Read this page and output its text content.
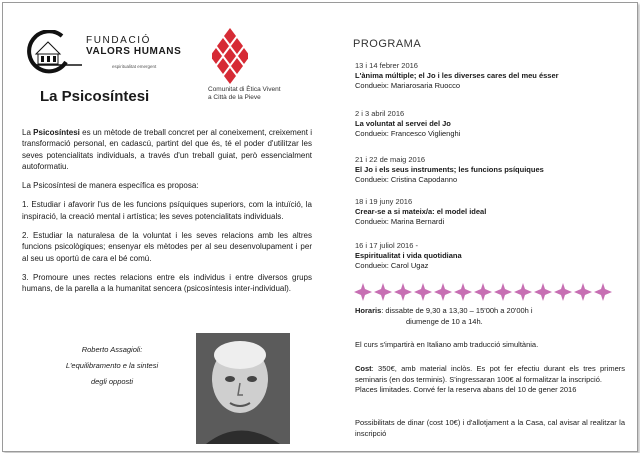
FUNDACIÓ
VALORS HUMANS
espiritualitat emergent
La Psicosíntesi	Comunitat di Ètica Vivent
a Città de la Pieve

La Psicosíntesi es un mètode de treball concret per al coneixement, creixement i transformació personal, en cadascú, partint del que és, té el poder d'utilitzar les seves potencialitats individuals, a través d'un treball guiat, però essencialment autoformatiu.

La Psicosíntesi de manera específica es proposa:

1. Estudiar i afavorir l'us de les funcions psíquiques superiors, com la intuïció, la inspiració, la creació mental i artística; les seves potencialitats individuals.

2. Estudiar la naturalesa de la voluntat i les seves relacions amb les altres funcions psicològiques; ensenyar els mètodes per al seu desenvolupament i per al seu us oportú de cara el bé comú.

3. Promoure unes rectes relacions entre els individus i entre diversos grups humans, de la parella a la humanitat sencera (psicosíntesis inter-individual).

Roberto Assagioli:
L'equilibramento e la sintesi
degli opposti
PROGRAMA
13 i 14 febrer 2016
L'ànima múltiple; el Jo i les diverses cares del meu ésser
Condueix: Mariarosaria Ruocco
2 i 3 abril 2016
La voluntat al servei del Jo
Condueix: Francesco Viglienghi
21 i 22 de maig 2016
El Jo i els seus instruments; les funcions psíquiques
Condueix: Cristina Capodanno
18 i 19 juny 2016
Crear-se a si mateix/a: el model ideal
Condueix: Marina Bernardi
16 i 17 juliol 2016 -
Espiritualitat i vida quotidiana
Condueix: Carol Ugaz
Horaris: dissabte de 9,30 a 13,30 – 15'00h a 20'00h i
diumenge de 10 a 14h.
El curs s'impartirà en Italiano amb traducció simultània.
Cost: 350€, amb material inclòs. Es pot fer efectiu durant els tres primers seminaris (en dos terminis). S'ingressaran 100€ al formalitzar la inscripció.
Places limitades. Convé fer la reserva abans del 10 de gener 2016
Possibilitats de dinar (cost 10€) i d'allotjament a la Casa, cal avisar al realitzar la inscripció
